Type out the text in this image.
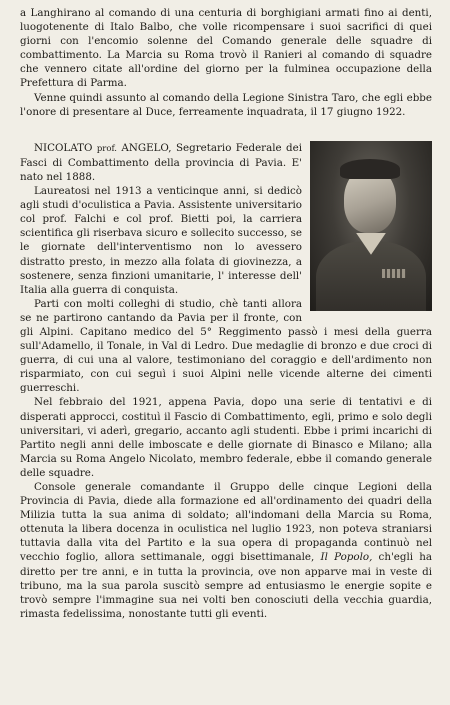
a Langhirano al comando di una centuria di borghigiani armati fino ai denti, luogotenente di Italo Balbo, che volle ricompensare i suoi sacrifici di quei giorni con l'encomio solenne del Comando generale delle squadre di combattimento. La Marcia su Roma trovò il Ranieri al comando di squadre che vennero citate all'ordine del giorno per la fulminea occupazione della Prefettura di Parma.

Venne quindi assunto al comando della Legione Sinistra Taro, che egli ebbe l'onore di presentare al Duce, ferreamente inquadrata, il 17 giugno 1922.

NICOLATO prof. ANGELO, Segretario Federale dei Fasci di Combattimento della provincia di Pavia. E' nato nel 1888.

Laureatosi nel 1913 a venticinque anni, si dedicò agli studi d'oculistica a Pavia. Assistente universitario col prof. Falchi e col prof. Bietti poi, la carriera scientifica gli riserbava sicuro e sollecito successo, se le giornate dell'interventismo non lo avessero distratto presto, in mezzo alla folata di giovinezza, a sostenere, senza finzioni umanitarie, l' interesse dell' Italia alla guerra di conquista.

Parti con molti colleghi di studio, chè tanti allora se ne partirono cantando da Pavia per il fronte, con gli Alpini. Capitano medico del 5° Reggimento passò i mesi della guerra sull'Adamello, il Tonale, in Val di Ledro. Due medaglie di bronzo e due croci di guerra, di cui una al valore, testimoniano del coraggio e dell'ardimento non risparmiato, con cui seguì i suoi Alpini nelle vicende alterne dei cimenti guerreschi.

Nel febbraio del 1921, appena Pavia, dopo una serie di tentativi e di disperati approcci, costituì il Fascio di Combattimento, egli, primo e solo degli universitari, vi aderì, gregario, accanto agli studenti. Ebbe i primi incarichi di Partito negli anni delle imboscate e delle giornate di Binasco e Milano; alla Marcia su Roma Angelo Nicolato, membro federale, ebbe il comando generale delle squadre.

Console generale comandante il Gruppo delle cinque Legioni della Provincia di Pavia, diede alla formazione ed all'ordinamento dei quadri della Milizia tutta la sua anima di soldato; all'indomani della Marcia su Roma, ottenuta la libera docenza in oculistica nel luglio 1923, non poteva straniarsi tuttavia dalla vita del Partito e la sua opera di propaganda continuò nel vecchio foglio, allora settimanale, oggi bisettimanale, Il Popolo, ch'egli ha diretto per tre anni, e in tutta la provincia, ove non apparve mai in veste di tribuno, ma la sua parola suscitò sempre ad entusiasmo le energie sopite e trovò sempre l'immagine sua nei volti ben conosciuti della vecchia guardia, rimasta fedelissima, nonostante tutti gli eventi.
